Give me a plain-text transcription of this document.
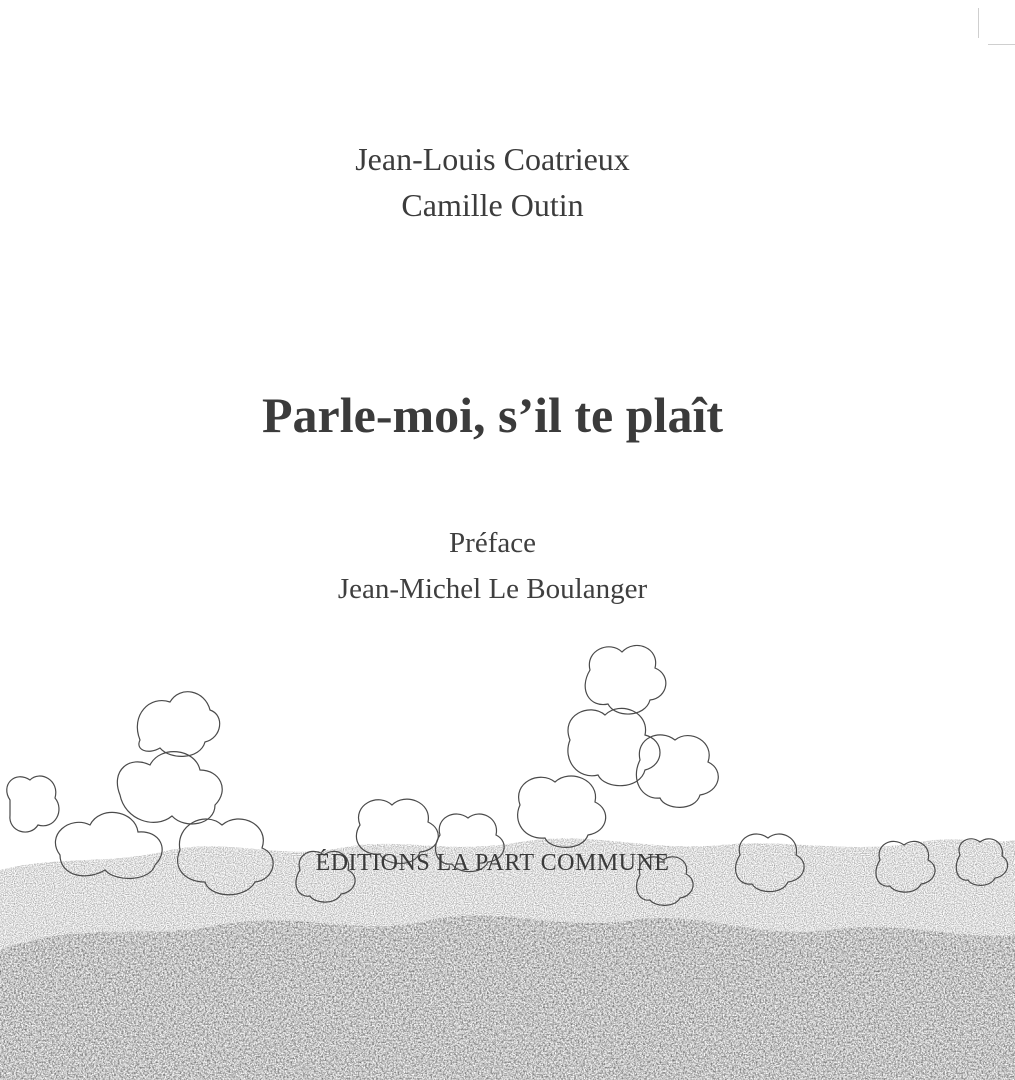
Jean-Louis Coatrieux
Camille Outin
Parle-moi, s’il te plaît
Préface
Jean-Michel Le Boulanger
ÉDITIONS LA PART COMMUNE
